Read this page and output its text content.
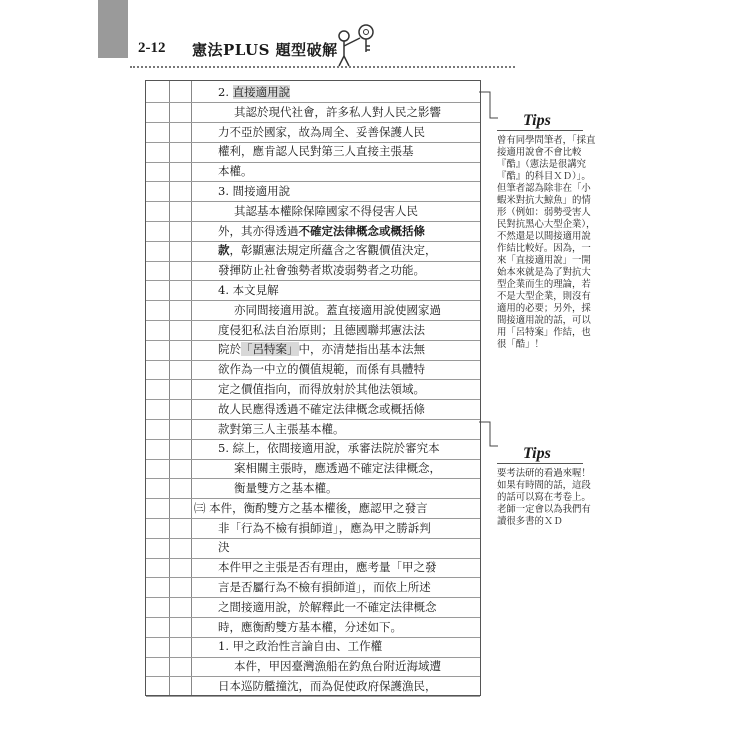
2-12 憲法PLUS 題型破解
2. 直接適用說
其認於現代社會，許多私人對人民之影響
力不亞於國家，故為周全、妥善保護人民
權利，應肯認人民對第三人直接主張基
本權。
3. 間接適用說
其認基本權除保障國家不得侵害人民
外，其亦得透過不確定法律概念或概括條
款，彰顯憲法規定所蘊含之客觀價值決定，
發揮防止社會強勢者欺凌弱勢者之功能。
4. 本文見解
亦同間接適用說。蓋直接適用說使國家過
度侵犯私法自治原則；且德國聯邦憲法法
院於「呂特案」中，亦清楚指出基本法無
欲作為一中立的價值規範，而係有具體特
定之價值指向，而得放射於其他法領域。
故人民應得透過不確定法律概念或概括條
款對第三人主張基本權。
5. 綜上，依間接適用說，承審法院於審究本
案相關主張時，應透過不確定法律概念，
衡量雙方之基本權。
㈢ 本件，衡酌雙方之基本權後，應認甲之發言
非「行為不檢有損師道」，應為甲之勝訴判
決
本件甲之主張是否有理由，應考量「甲之發
言是否屬行為不檢有損師道」，而依上所述
之間接適用說，於解釋此一不確定法律概念
時，應衡酌雙方基本權，分述如下。
1. 甲之政治性言論自由、工作權
本件，甲因臺灣漁船在釣魚台附近海域遭
日本巡防艦撞沈，而為促使政府保護漁民，
Tips
曾有同學問筆者，「採直接適用說會不會比較『酷』（憲法是很講究『酷』的科目ＸＤ）」。但筆者認為除非在「小蝦米對抗大鯨魚」的情形（例如：弱勢受害人民對抗黑心大型企業），不然還是以間接適用說作結比較好。因為，一來「直接適用說」一開始本來就是為了對抗大型企業而生的理論，若不是大型企業，則沒有適用的必要；另外，採間接適用說的話，可以用「呂特案」作結，也很「酷」！
Tips
要考法研的看過來喔！如果有時間的話，這段的話可以寫在考卷上。老師一定會以為我們有讀很多書的ＸＤ
